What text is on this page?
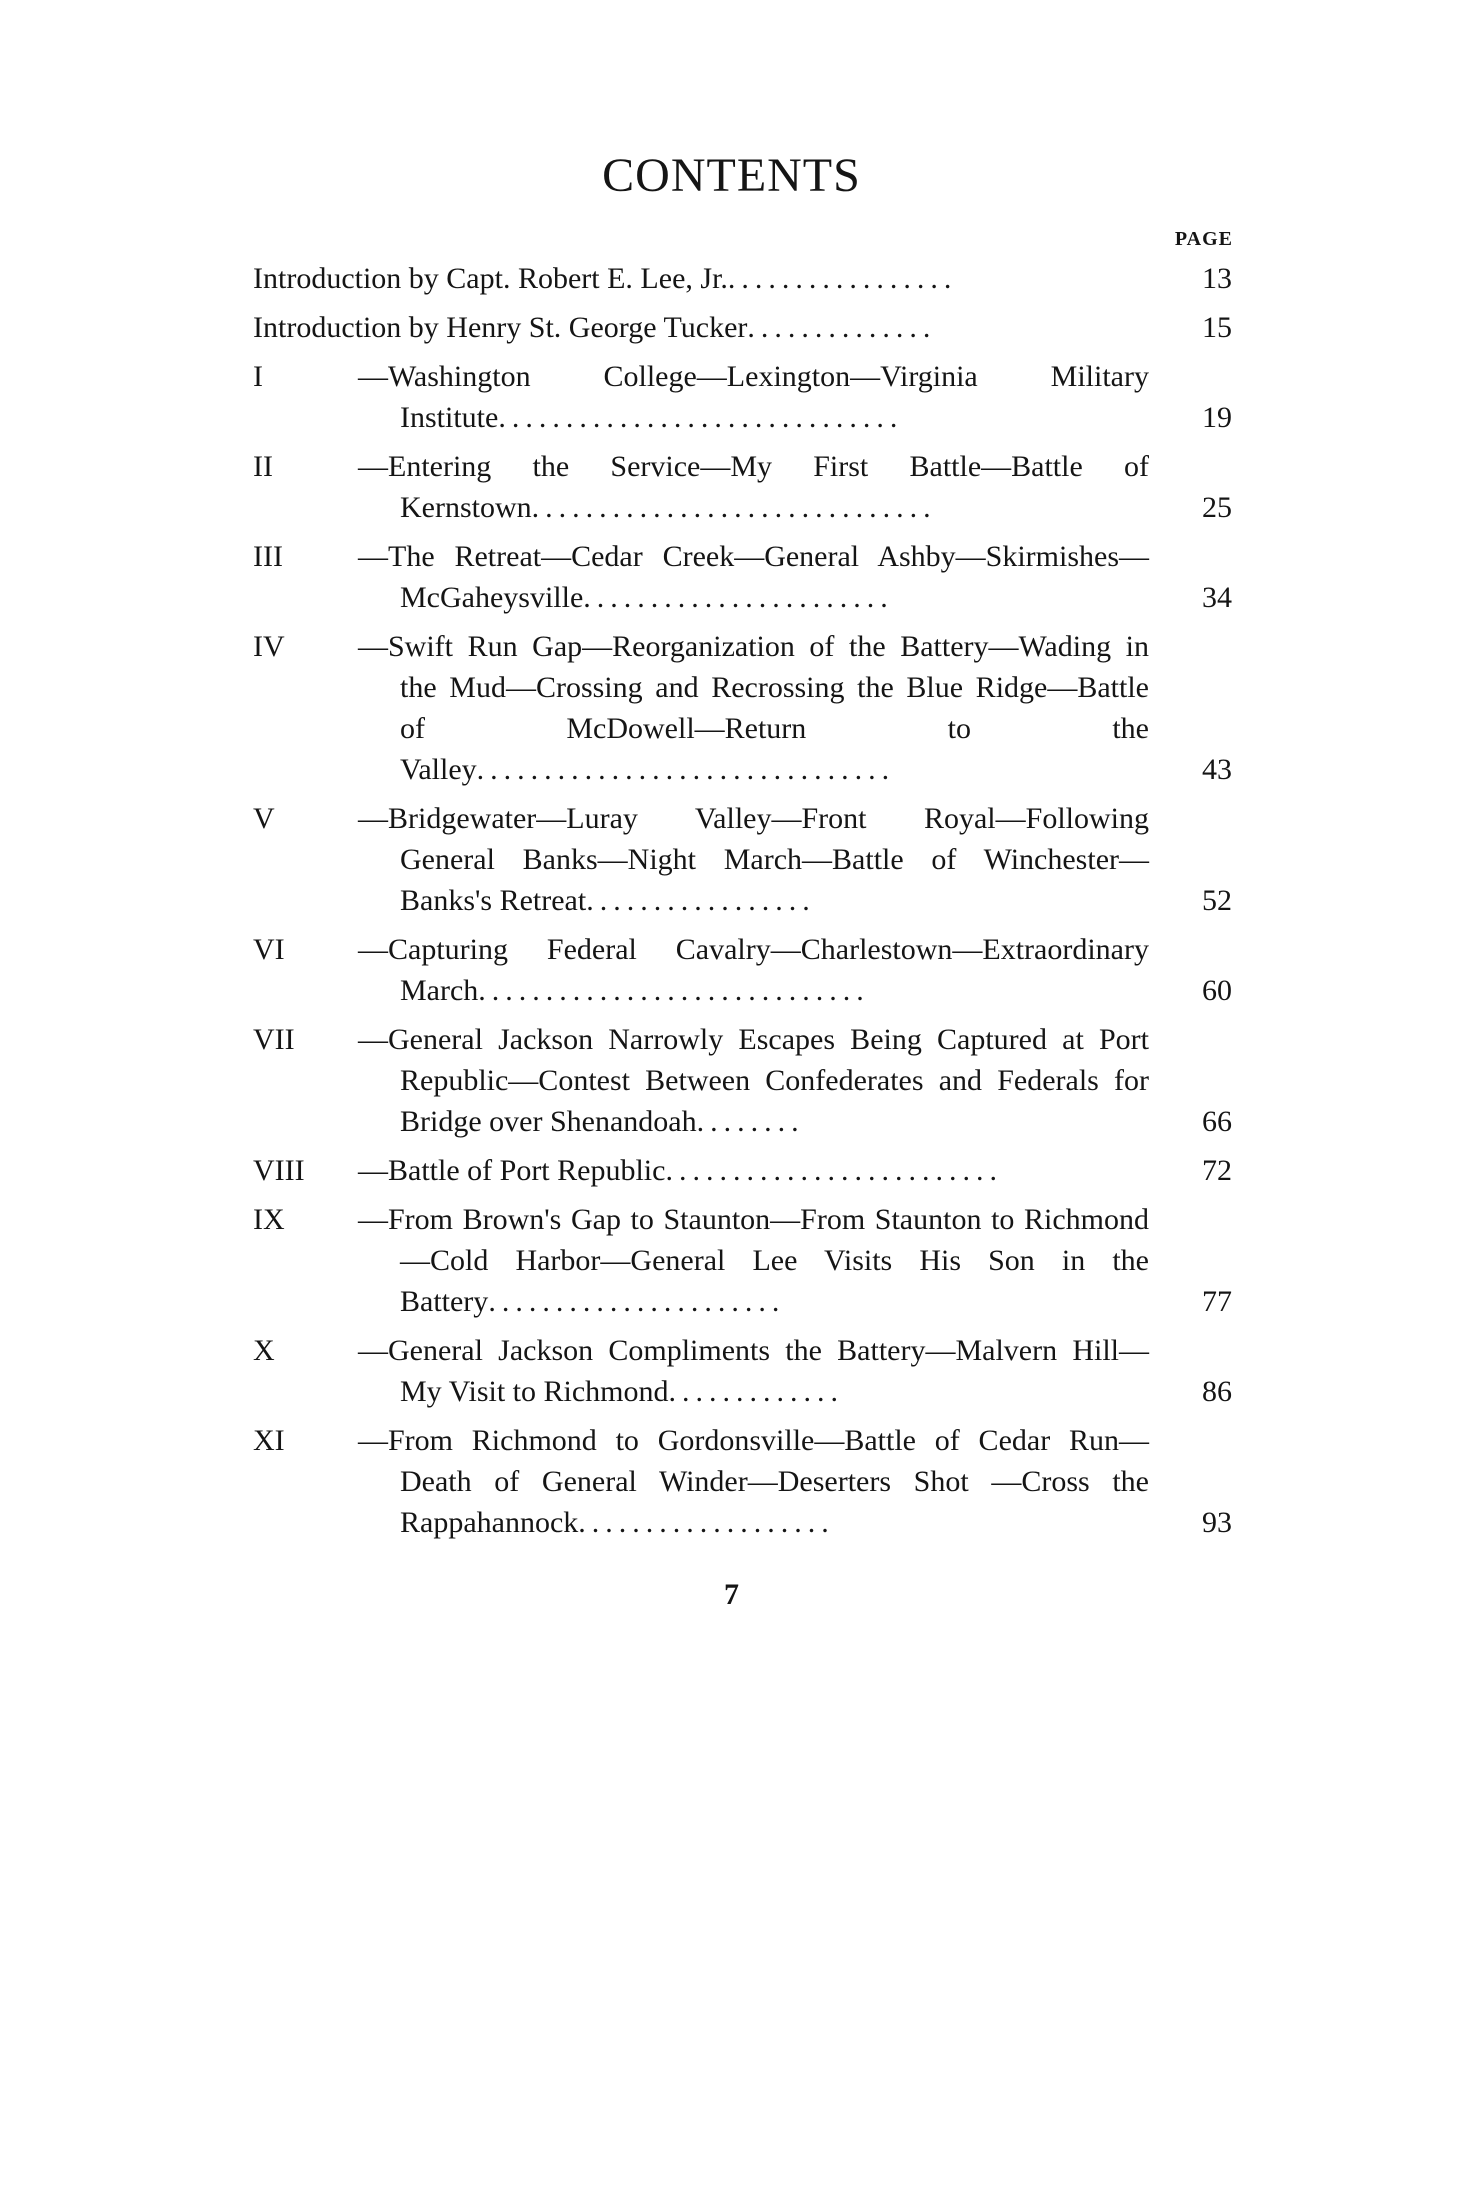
CONTENTS
PAGE
Introduction by Capt. Robert E. Lee, Jr..................	13
Introduction by Henry St. George Tucker..............	15
I	—Washington College—Lexington—Virginia Military Institute..............................	19
II	—Entering the Service—My First Battle—Battle of Kernstown..............................	25
III	—The Retreat—Cedar Creek—General Ashby—Skirmishes—McGaheysville.......................	34
IV —Swift Run Gap—Reorganization of the Battery—Wading in the Mud—Crossing and Recrossing the Blue Ridge—Battle of McDowell—Return to the Valley...............................	43
V	—Bridgewater—Luray Valley—Front Royal—Following General Banks—Night March—Battle of Winchester—Banks's Retreat.................	52
VI —Capturing Federal Cavalry—Charlestown—Extraordinary March.............................	60
VII —General Jackson Narrowly Escapes Being Captured at Port Republic—Contest Between Confederates and Federals for Bridge over Shenandoah........	66
VIII —Battle of Port Republic.........................	72
IX —From Brown's Gap to Staunton—From Staunton to Richmond—Cold Harbor—General Lee Visits His Son in the Battery......................	77
X	—General Jackson Compliments the Battery—Malvern Hill—My Visit to Richmond.............	86
XI —From Richmond to Gordonsville—Battle of Cedar Run—Death of General Winder—Deserters Shot —Cross the Rappahannock...................	93
7
